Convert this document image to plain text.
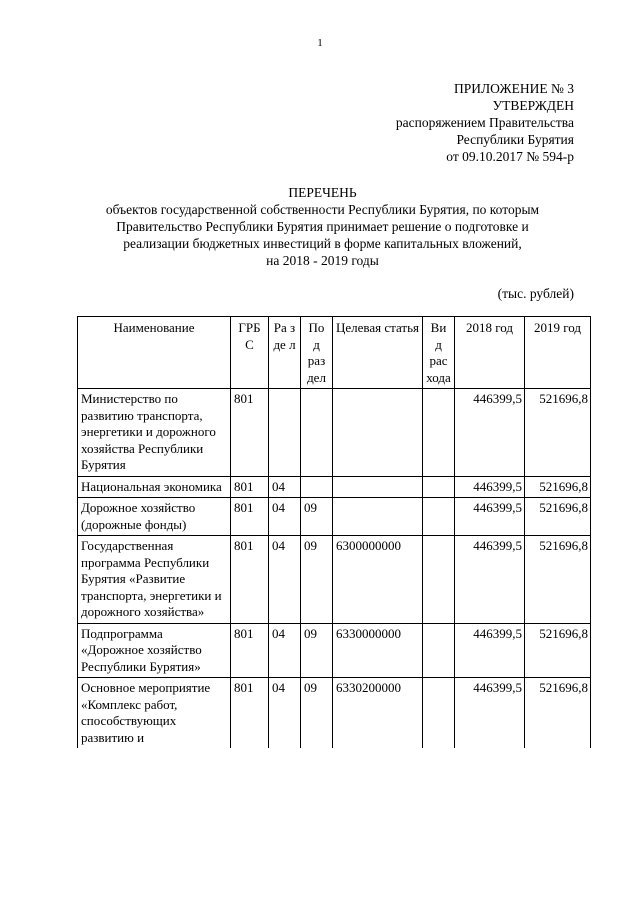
1
ПРИЛОЖЕНИЕ № 3
УТВЕРЖДЕН
распоряжением Правительства
Республики Бурятия
от 09.10.2017 № 594-р
ПЕРЕЧЕНЬ
объектов государственной собственности Республики Бурятия, по которым
Правительство Республики Бурятия принимает решение о подготовке и
реализации бюджетных инвестиций в форме капитальных вложений,
на 2018 - 2019 годы
(тыс. рублей)
Наименование	ГРБ С	Ра з де л	По д раз дел	Целевая статья	Ви д рас хода	2018 год	2019 год
Министерство по развитию транспорта, энергетики и дорожного хозяйства Республики Бурятия	801					446399,5	521696,8
Национальная экономика	801	04				446399,5	521696,8
Дорожное хозяйство (дорожные фонды)	801	04	09			446399,5	521696,8
Государственная программа Республики Бурятия «Развитие транспорта, энергетики и дорожного хозяйства»	801	04	09	6300000000		446399,5	521696,8
Подпрограмма «Дорожное хозяйство Республики Бурятия»	801	04	09	6330000000		446399,5	521696,8
Основное мероприятие «Комплекс работ, способствующих развитию и	801	04	09	6330200000		446399,5	521696,8
